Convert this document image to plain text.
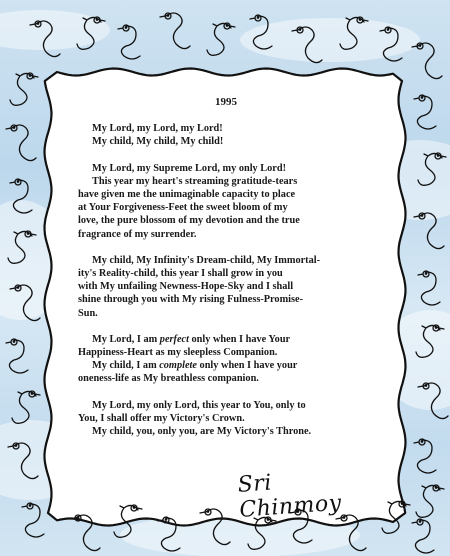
1995
My Lord, my Lord, my Lord!
My child, My child, My child!
My Lord, my Supreme Lord, my only Lord!
This year my heart's streaming gratitude-tears
have given me the unimaginable capacity to place
at Your Forgiveness-Feet the sweet bloom of my
love, the pure blossom of my devotion and the true
fragrance of my surrender.
My child, My Infinity's Dream-child, My Immortal-
ity's Reality-child, this year I shall grow in you
with My unfailing Newness-Hope-Sky and I shall
shine through you with My rising Fulness-Promise-
Sun.
My Lord, I am perfect only when I have Your
Happiness-Heart as my sleepless Companion.
My child, I am complete only when I have your
oneness-life as My breathless companion.
My Lord, my only Lord, this year to You, only to
You, I shall offer my Victory's Crown.
My child, you, only you, are My Victory's Throne.
Sri Chinmoy
